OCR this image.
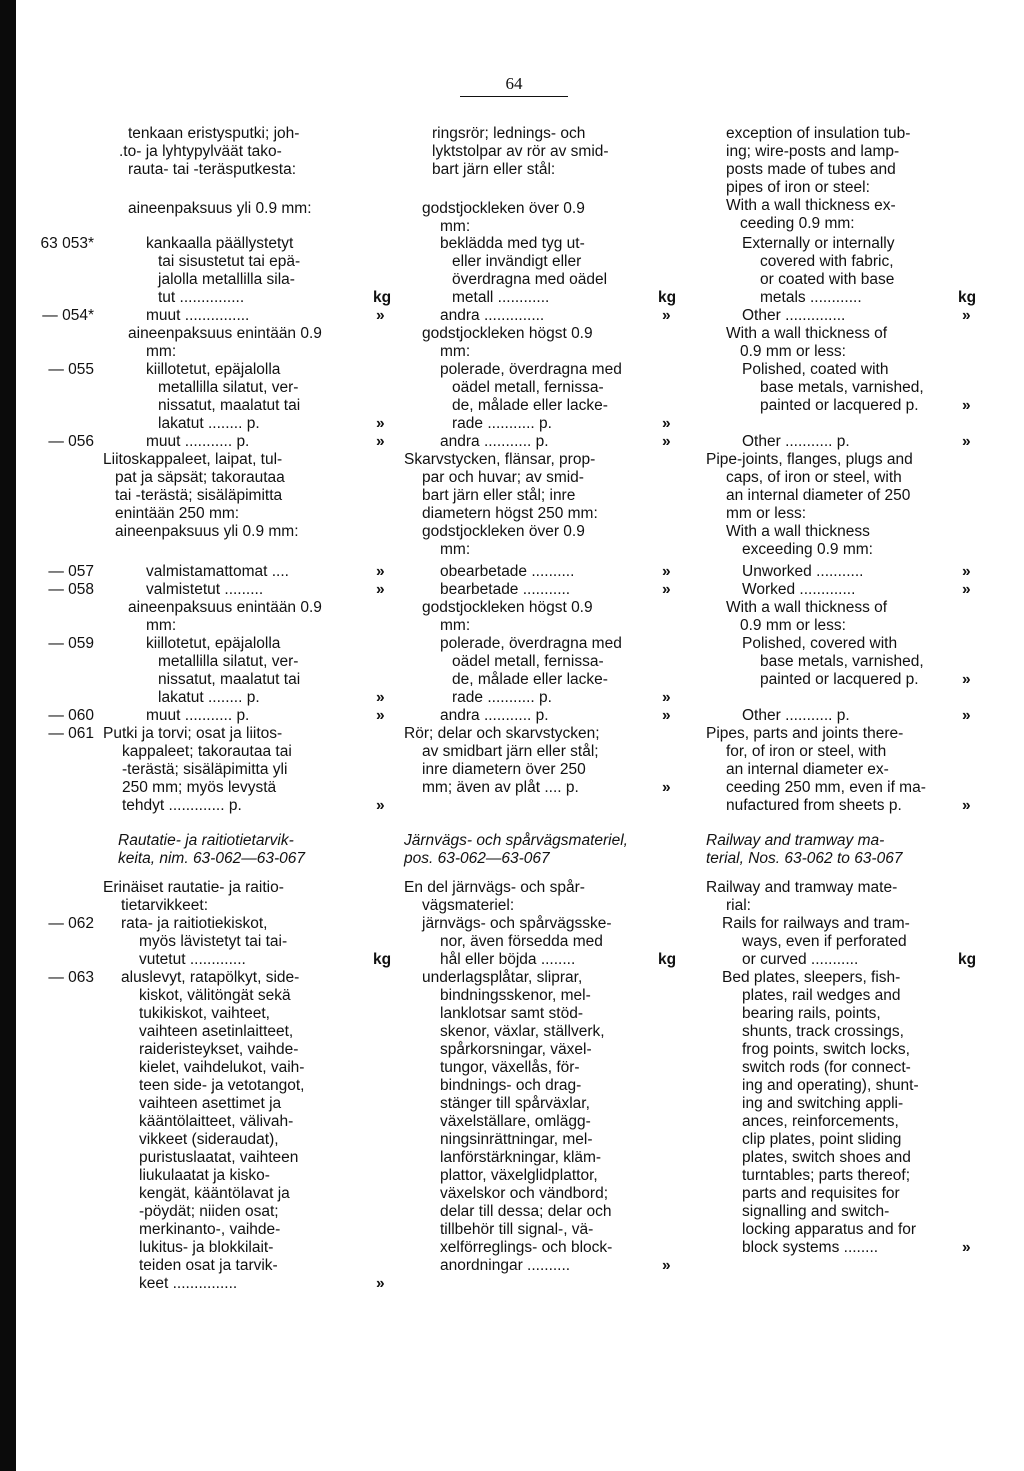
64
Rautatie- ja raitiotietarvik-
keita, nim. 63-062—63-067
tenkaan eristysputki; joh-
.to- ja lyhtypylväät tako-
rauta- tai -teräsputkesta:
aineenpaksuus yli 0.9 mm:
kankaalla päällystetyt
tai sisustetut tai epä-
jalolla metallilla sila-
tut ...............
muut ...............
aineenpaksuus enintään 0.9
mm:
kiillotetut, epäjalolla
metallilla silatut, ver-
nissatut, maalatut tai
lakatut ........ p.
muut ........... p.
Liitoskappaleet, laipat, tul-
pat ja säpsät; takorautaa
tai -terästä; sisäläpimitta
enintään 250 mm:
aineenpaksuus yli 0.9 mm:
valmistamattomat ....
valmistetut .........
aineenpaksuus enintään 0.9
mm:
kiillotetut, epäjalolla
metallilla silatut, ver-
nissatut, maalatut tai
lakatut ........ p.
muut ........... p.
Putki ja torvi; osat ja liitos-
kappaleet; takorautaa tai
-terästä; sisäläpimitta yli
250 mm; myös levystä
tehdyt ............. p.
Erinäiset rautatie- ja raitio-
tietarvikkeet:
rata- ja raitiotiekiskot,
myös lävistetyt tai tai-
vutetut .............
aluslevyt, ratapölkyt, side-
kiskot, välitöngät sekä
tukikiskot, vaihteet,
vaihteen asetinlaitteet,
raideristeykset, vaihde-
kielet, vaihdelukot, vaih-
teen side- ja vetotangot,
vaihteen asettimet ja
kääntölaitteet, välivah-
vikkeet (sideraudat),
puristuslaatat, vaihteen
liukulaatat ja kisko-
kengät, kääntölavat ja
-pöydät; niiden osat;
merkinanto-, vaihde-
lukitus- ja blokkilait-
teiden osat ja tarvik-
keet ...............
kg
»
»
»
»
»
»
»
»
kg
»
63 053*
— 054*
— 055
— 056
— 057
— 058
— 059
— 060
— 061
— 062
— 063
Järnvägs- och spårvägsmateriel,
pos. 63-062—63-067
ringsrör; lednings- och
lyktstolpar av rör av smid-
bart järn eller stål:
godstjockleken över 0.9
mm:
beklädda med tyg ut-
eller invändigt eller
överdragna med oädel
metall ............
andra ..............
godstjockleken högst 0.9
mm:
polerade, överdragna med
oädel metall, fernissa-
de, målade eller lacke-
rade ........... p.
andra ........... p.
Skarvstycken, flänsar, prop-
par och huvar; av smid-
bart järn eller stål; inre
diametern högst 250 mm:
godstjockleken över 0.9
mm:
obearbetade ..........
bearbetade ...........
godstjockleken högst 0.9
mm:
polerade, överdragna med
oädel metall, fernissa-
de, målade eller lacke-
rade ........... p.
andra ........... p.
Rör; delar och skarvstycken;
av smidbart järn eller stål;
inre diametern över 250
mm; även av plåt .... p.
En del järnvägs- och spår-
vägsmateriel:
järnvägs- och spårvägsske-
nor, även försedda med
hål eller böjda ........
underlagsplåtar, sliprar,
bindningsskenor, mel-
lanklotsar samt stöd-
skenor, växlar, ställverk,
spårkorsningar, växel-
tungor, växellås, för-
bindnings- och drag-
stänger till spårväxlar,
växelställare, omlägg-
ningsinrättningar, mel-
lanförstärkningar, kläm-
plattor, växelglidplattor,
växelskor och vändbord;
delar till dessa; delar och
tillbehör till signal-, vä-
xelförreglings- och block-
anordningar ..........
kg
»
»
»
»
»
»
»
»
kg
»
Railway and tramway ma-
terial, Nos. 63-062 to 63-067
exception of insulation tub-
ing; wire-posts and lamp-
posts made of tubes and
pipes of iron or steel:
With a wall thickness ex-
ceeding 0.9 mm:
Externally or internally
covered with fabric,
or coated with base
metals ............
Other ..............
With a wall thickness of
0.9 mm or less:
Polished, coated with
base metals, varnished,
painted or lacquered p.
Other ........... p.
Pipe-joints, flanges, plugs and
caps, of iron or steel, with
an internal diameter of 250
mm or less:
With a wall thickness
exceeding 0.9 mm:
Unworked ...........
Worked .............
With a wall thickness of
0.9 mm or less:
Polished, covered with
base metals, varnished,
painted or lacquered p.
Other ........... p.
Pipes, parts and joints there-
for, of iron or steel, with
an internal diameter ex-
ceeding 250 mm, even if ma-
nufactured from sheets p.
Railway and tramway mate-
rial:
Rails for railways and tram-
ways, even if perforated
or curved ...........
Bed plates, sleepers, fish-
plates, rail wedges and
bearing rails, points,
shunts, track crossings,
frog points, switch locks,
switch rods (for connect-
ing and operating), shunt-
ing and switching appli-
ances, reinforcements,
clip plates, point sliding
plates, switch shoes and
turntables; parts thereof;
parts and requisites for
signalling and switch-
locking apparatus and for
block systems ........
kg
»
»
»
»
»
»
»
»
kg
»
